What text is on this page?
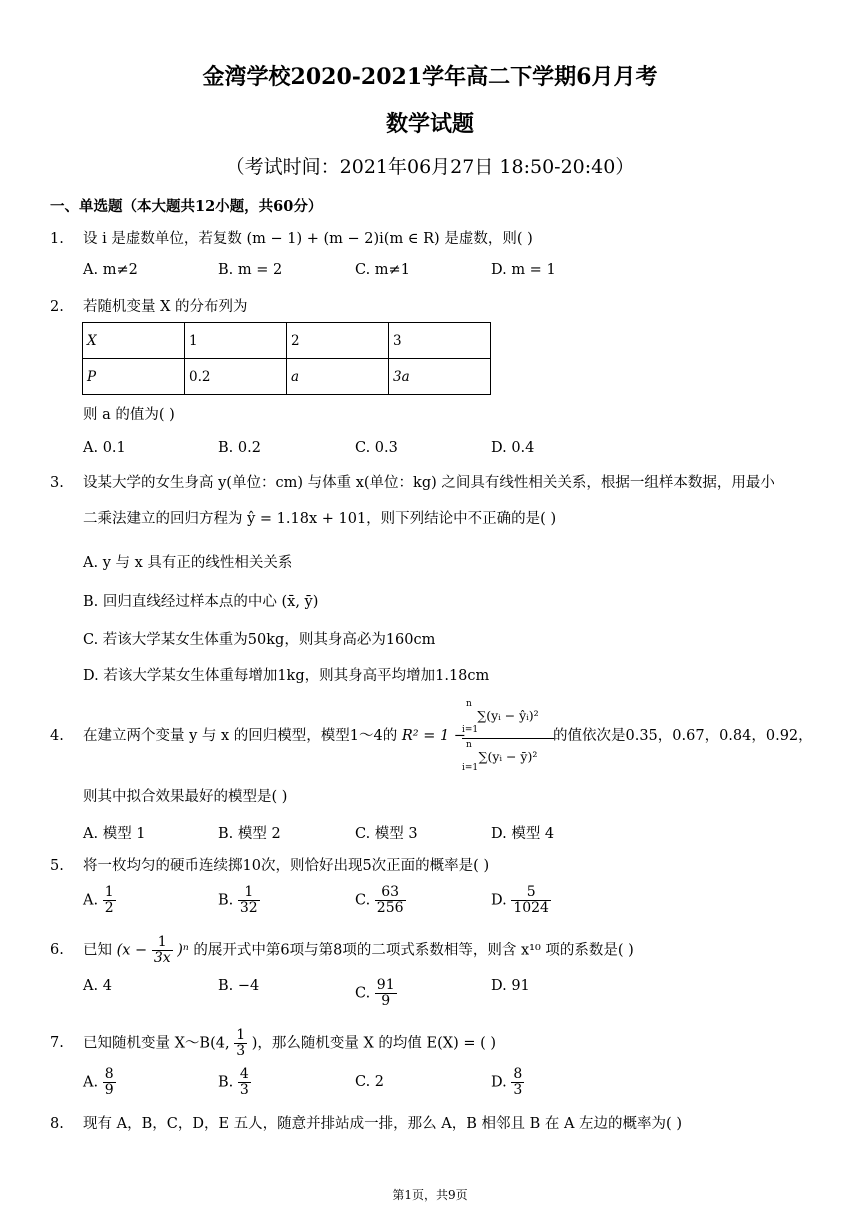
金湾学校2020-2021学年高二下学期6月月考
数学试题
（考试时间：2021年06月27日 18:50-20:40）
一、单选题（本大题共12小题，共60分）
1. 设 i 是虚数单位，若复数 (m − 1) + (m − 2)i(m ∈ R) 是虚数，则( )
A. m≠2	B. m = 2	C. m≠1	D. m = 1
2. 若随机变量 X 的分布列为
X	1	2	3
P	0.2	a	3a
则 a 的值为( )
A. 0.1	B. 0.2	C. 0.3	D. 0.4
3. 设某大学的女生身高 y(单位：cm) 与体重 x(单位：kg) 之间具有线性相关关系，根据一组样本数据，用最小
二乘法建立的回归方程为 ŷ = 1.18x + 101，则下列结论中不正确的是( )
A. y 与 x 具有正的线性相关关系
B. 回归直线经过样本点的中心 (x̄, ȳ)
C. 若该大学某女生体重为50kg，则其身高必为160cm
D. 若该大学某女生体重每增加1kg，则其身高平均增加1.18cm
4. 在建立两个变量 y 与 x 的回归模型，模型1～4的 R² = 1 −
n
∑(yᵢ − ŷᵢ)²
i=1
n
∑(yᵢ − ȳ)²
i=1
的值依次是0.35，0.67，0.84，0.92，
则其中拟合效果最好的模型是( )
A. 模型 1	B. 模型 2	C. 模型 3	D. 模型 4
5. 将一枚均匀的硬币连续掷10次，则恰好出现5次正面的概率是( )
A. $\frac{1}{2}$	B. $\frac{1}{32}$	C. $\frac{63}{256}$	D. $\frac{5}{1024}$
6. 已知 $(x - \frac{1}{3x} )^n$ 的展开式中第6项与第8项的二项式系数相等，则含 x¹⁰ 项的系数是( )
A. 4	B. −4	C. $\frac{91}{9}$	D. 91
7. 已知随机变量 X～B(4, $\frac{1}{3}$ )，那么随机变量 X 的均值 E(X) = ( )
A. $\frac{8}{9}$	B. $\frac{4}{3}$	C. 2	D. $\frac{8}{3}$
8. 现有 A，B，C，D，E 五人，随意并排站成一排，那么 A，B 相邻且 B 在 A 左边的概率为( )
第1页，共9页
